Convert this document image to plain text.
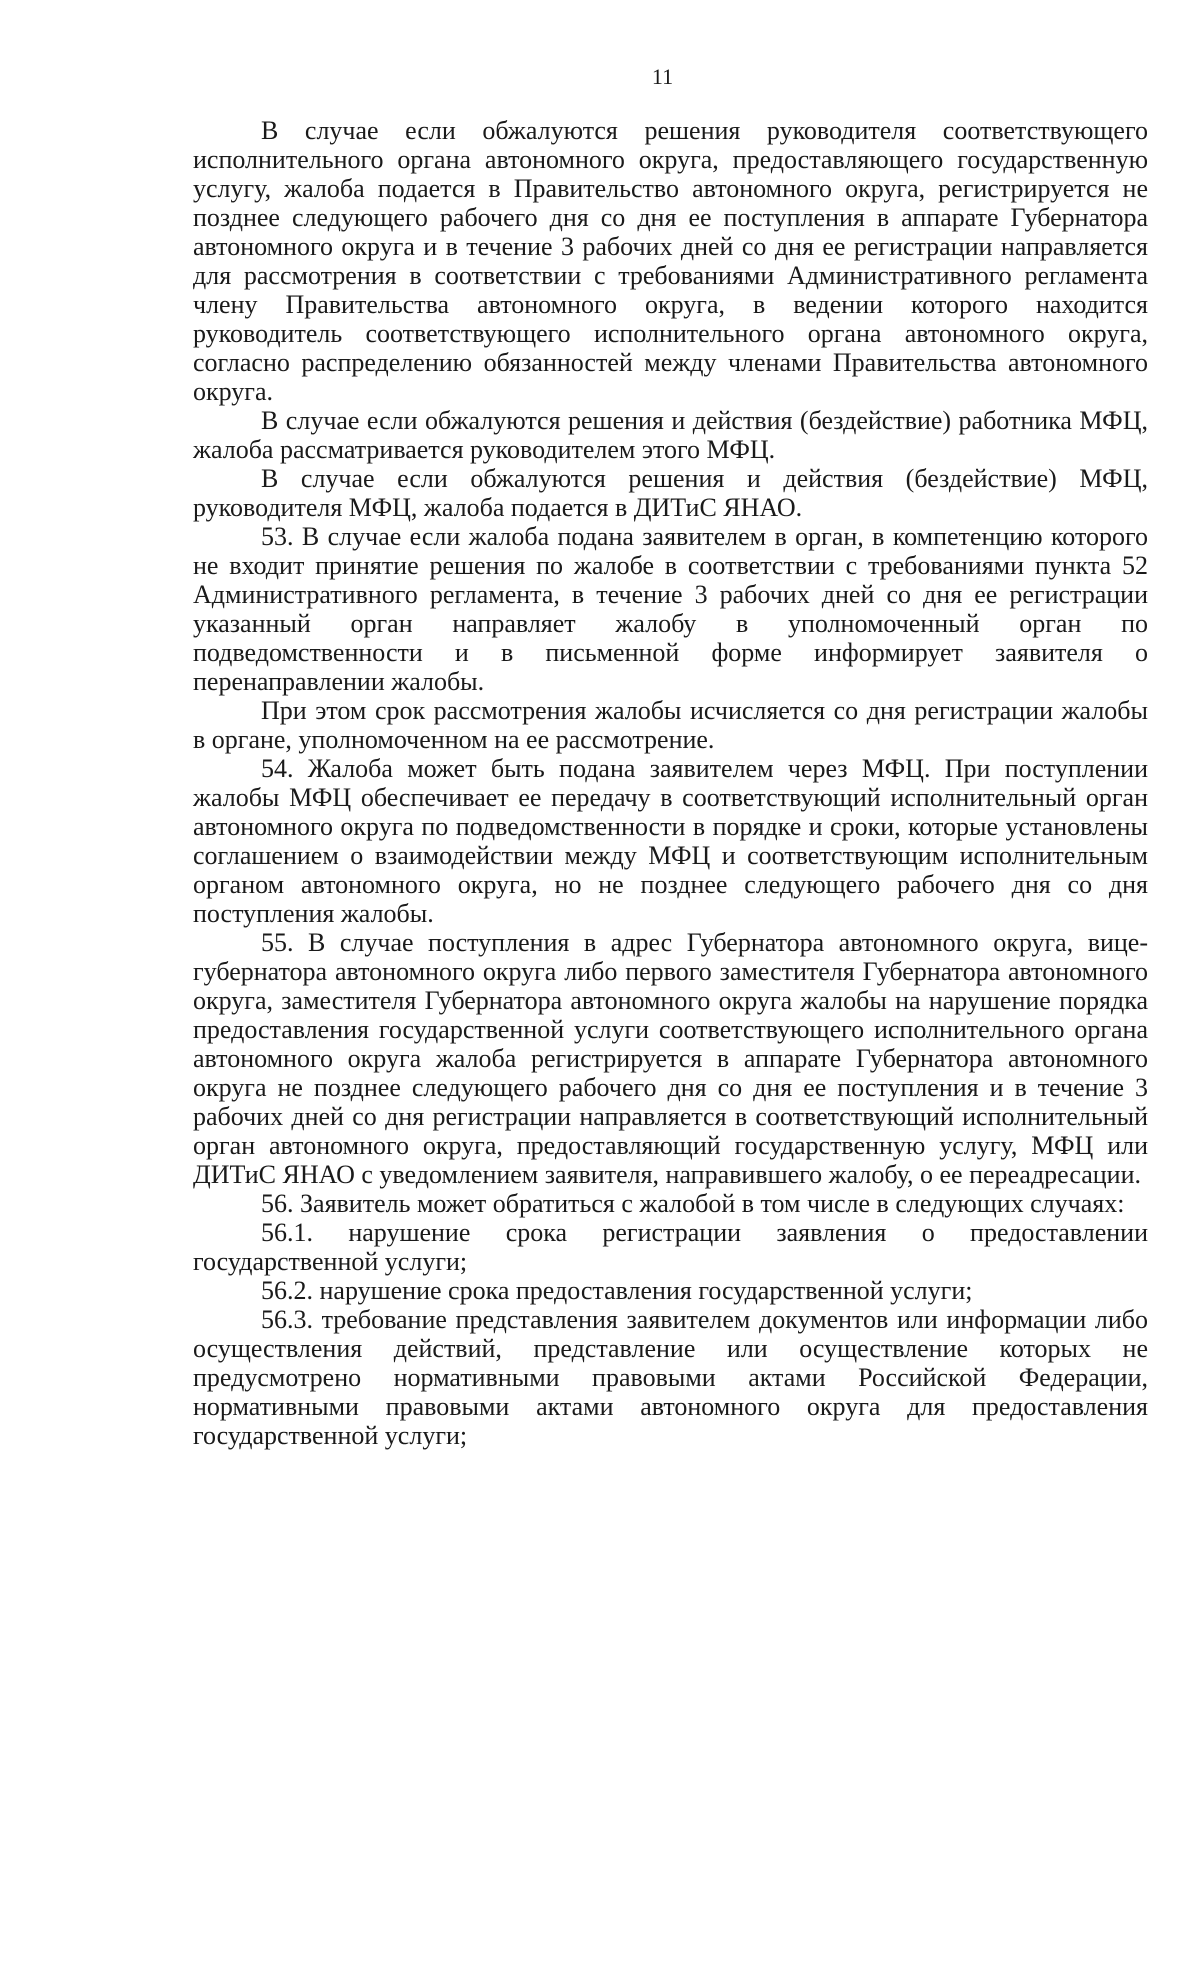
11

В случае если обжалуются решения руководителя соответствующего исполнительного органа автономного округа, предоставляющего государственную услугу, жалоба подается в Правительство автономного округа, регистрируется не позднее следующего рабочего дня со дня ее поступления в аппарате Губернатора автономного округа и в течение 3 рабочих дней со дня ее регистрации направляется для рассмотрения в соответствии с требованиями Административного регламента члену Правительства автономного округа, в ведении которого находится руководитель соответствующего исполнительного органа автономного округа, согласно распределению обязанностей между членами Правительства автономного округа.

В случае если обжалуются решения и действия (бездействие) работника МФЦ, жалоба рассматривается руководителем этого МФЦ.

В случае если обжалуются решения и действия (бездействие) МФЦ, руководителя МФЦ, жалоба подается в ДИТиС ЯНАО.

53. В случае если жалоба подана заявителем в орган, в компетенцию которого не входит принятие решения по жалобе в соответствии с требованиями пункта 52 Административного регламента, в течение 3 рабочих дней со дня ее регистрации указанный орган направляет жалобу в уполномоченный орган по подведомственности и в письменной форме информирует заявителя о перенаправлении жалобы.

При этом срок рассмотрения жалобы исчисляется со дня регистрации жалобы в органе, уполномоченном на ее рассмотрение.

54. Жалоба может быть подана заявителем через МФЦ. При поступлении жалобы МФЦ обеспечивает ее передачу в соответствующий исполнительный орган автономного округа по подведомственности в порядке и сроки, которые установлены соглашением о взаимодействии между МФЦ и соответствующим исполнительным органом автономного округа, но не позднее следующего рабочего дня со дня поступления жалобы.

55. В случае поступления в адрес Губернатора автономного округа, вице-губернатора автономного округа либо первого заместителя Губернатора автономного округа, заместителя Губернатора автономного округа жалобы на нарушение порядка предоставления государственной услуги соответствующего исполнительного органа автономного округа жалоба регистрируется в аппарате Губернатора автономного округа не позднее следующего рабочего дня со дня ее поступления и в течение 3 рабочих дней со дня регистрации направляется в соответствующий исполнительный орган автономного округа, предоставляющий государственную услугу, МФЦ или ДИТиС ЯНАО с уведомлением заявителя, направившего жалобу, о ее переадресации.

56. Заявитель может обратиться с жалобой в том числе в следующих случаях:

56.1. нарушение срока регистрации заявления о предоставлении государственной услуги;

56.2. нарушение срока предоставления государственной услуги;

56.3. требование представления заявителем документов или информации либо осуществления действий, представление или осуществление которых не предусмотрено нормативными правовыми актами Российской Федерации, нормативными правовыми актами автономного округа для предоставления государственной услуги;
